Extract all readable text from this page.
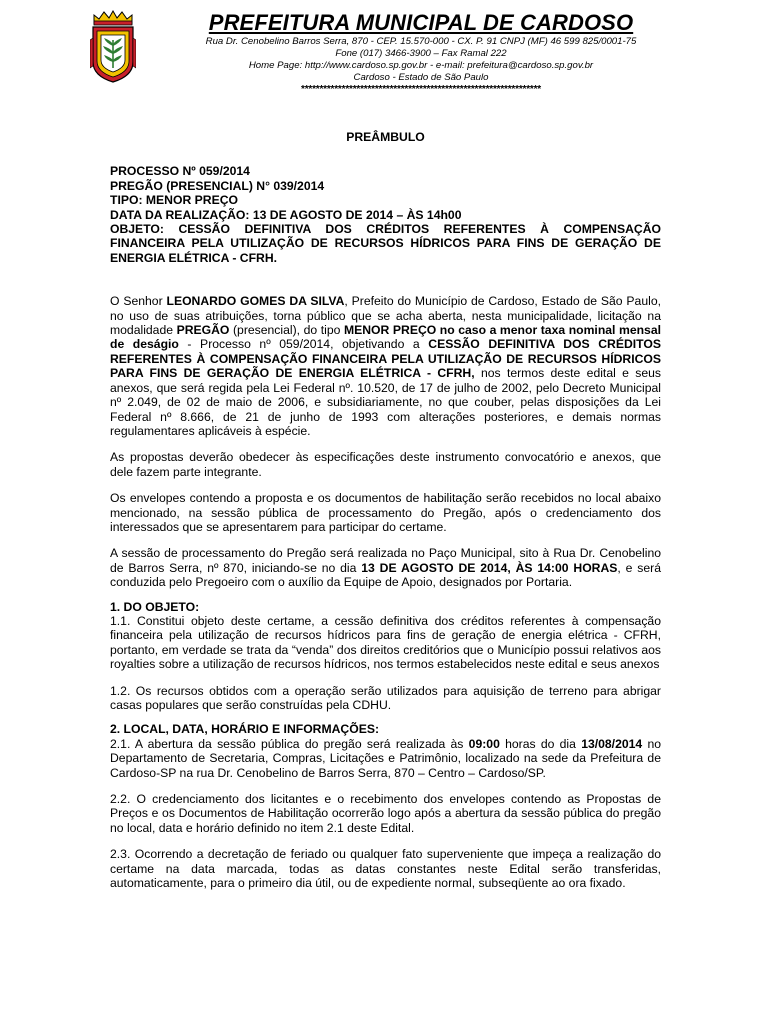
PREFEITURA MUNICIPAL DE CARDOSO
Rua Dr. Cenobelino Barros Serra, 870 - CEP. 15.570-000 - CX. P. 91 CNPJ (MF) 46 599 825/0001-75
Fone (017) 3466-3900 – Fax Ramal 222
Home Page: http://www.cardoso.sp.gov.br - e-mail: prefeitura@cardoso.sp.gov.br
Cardoso - Estado de São Paulo
*****************************************************************
PREÂMBULO
PROCESSO Nº 059/2014
PREGÃO (PRESENCIAL) N° 039/2014
TIPO: MENOR PREÇO
DATA DA REALIZAÇÃO: 13 DE AGOSTO DE 2014 – ÀS 14h00
OBJETO: CESSÃO DEFINITIVA DOS CRÉDITOS REFERENTES À COMPENSAÇÃO FINANCEIRA PELA UTILIZAÇÃO DE RECURSOS HÍDRICOS PARA FINS DE GERAÇÃO DE ENERGIA ELÉTRICA - CFRH.

O Senhor LEONARDO GOMES DA SILVA, Prefeito do Município de Cardoso, Estado de São Paulo, no uso de suas atribuições, torna público que se acha aberta, nesta municipalidade, licitação na modalidade PREGÃO (presencial), do tipo MENOR PREÇO no caso a menor taxa nominal mensal de deságio - Processo nº 059/2014, objetivando a CESSÃO DEFINITIVA DOS CRÉDITOS REFERENTES À COMPENSAÇÃO FINANCEIRA PELA UTILIZAÇÃO DE RECURSOS HÍDRICOS PARA FINS DE GERAÇÃO DE ENERGIA ELÉTRICA - CFRH, nos termos deste edital e seus anexos, que será regida pela Lei Federal nº. 10.520, de 17 de julho de 2002, pelo Decreto Municipal nº 2.049, de 02 de maio de 2006, e subsidiariamente, no que couber, pelas disposições da Lei Federal nº 8.666, de 21 de junho de 1993 com alterações posteriores, e demais normas regulamentares aplicáveis à espécie.

As propostas deverão obedecer às especificações deste instrumento convocatório e anexos, que dele fazem parte integrante.

Os envelopes contendo a proposta e os documentos de habilitação serão recebidos no local abaixo mencionado, na sessão pública de processamento do Pregão, após o credenciamento dos interessados que se apresentarem para participar do certame.

A sessão de processamento do Pregão será realizada no Paço Municipal, sito à Rua Dr. Cenobelino de Barros Serra, nº 870, iniciando-se no dia 13 DE AGOSTO DE 2014, ÀS 14:00 HORAS, e será conduzida pelo Pregoeiro com o auxílio da Equipe de Apoio, designados por Portaria.

1. DO OBJETO:

1.1. Constitui objeto deste certame, a cessão definitiva dos créditos referentes à compensação financeira pela utilização de recursos hídricos para fins de geração de energia elétrica - CFRH, portanto, em verdade se trata da “venda” dos direitos creditórios que o Município possui relativos aos royalties sobre a utilização de recursos hídricos, nos termos estabelecidos neste edital e seus anexos

1.2. Os recursos obtidos com a operação serão utilizados para aquisição de terreno para abrigar casas populares que serão construídas pela CDHU.

2. LOCAL, DATA, HORÁRIO E INFORMAÇÕES:

2.1. A abertura da sessão pública do pregão será realizada às 09:00 horas do dia 13/08/2014 no Departamento de Secretaria, Compras, Licitações e Patrimônio, localizado na sede da Prefeitura de Cardoso-SP na rua Dr. Cenobelino de Barros Serra, 870 – Centro – Cardoso/SP.

2.2. O credenciamento dos licitantes e o recebimento dos envelopes contendo as Propostas de Preços e os Documentos de Habilitação ocorrerão logo após a abertura da sessão pública do pregão no local, data e horário definido no item 2.1 deste Edital.

2.3. Ocorrendo a decretação de feriado ou qualquer fato superveniente que impeça a realização do certame na data marcada, todas as datas constantes neste Edital serão transferidas, automaticamente, para o primeiro dia útil, ou de expediente normal, subseqüente ao ora fixado.
